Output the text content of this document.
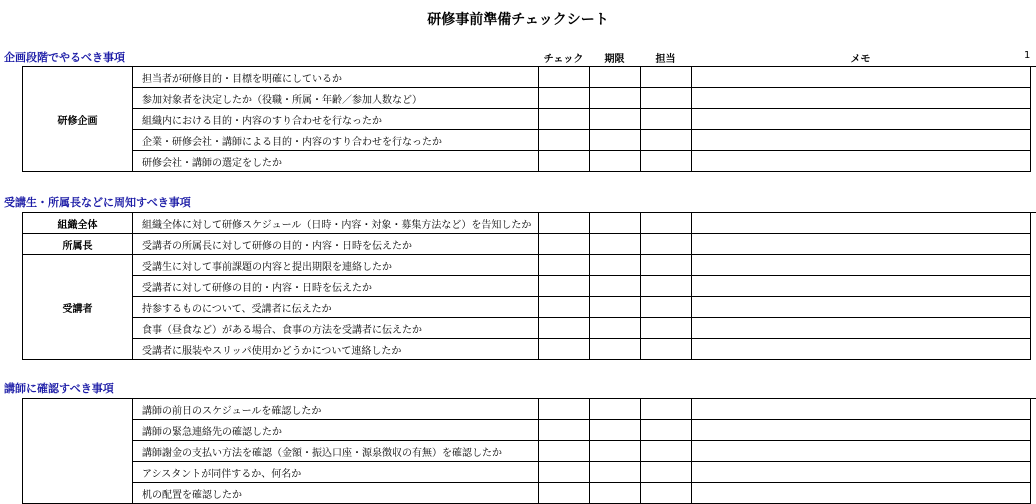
研修事前準備チェックシート
チェック	期限	担当	メモ	1
企画段階でやるべき事項
研修企画	担当者が研修目的・目標を明確にしているか				
	参加対象者を決定したか（役職・所属・年齢／参加人数など）				
	組織内における目的・内容のすり合わせを行なったか				
	企業・研修会社・講師による目的・内容のすり合わせを行なったか				
	研修会社・講師の選定をしたか				
受講生・所属長などに周知すべき事項
組織全体	組織全体に対して研修スケジュール（日時・内容・対象・募集方法など）を告知したか				
所属長	受講者の所属長に対して研修の目的・内容・日時を伝えたか				
受講者	受講生に対して事前課題の内容と提出期限を連絡したか				
	受講者に対して研修の目的・内容・日時を伝えたか				
	持参するものについて、受講者に伝えたか				
	食事（昼食など）がある場合、食事の方法を受講者に伝えたか				
	受講者に服装やスリッパ使用かどうかについて連絡したか				
講師に確認すべき事項
	講師の前日のスケジュールを確認したか				
	講師の緊急連絡先の確認したか				
	講師謝金の支払い方法を確認（金額・振込口座・源泉徴収の有無）を確認したか				
	アシスタントが同伴するか、何名か				
	机の配置を確認したか				
